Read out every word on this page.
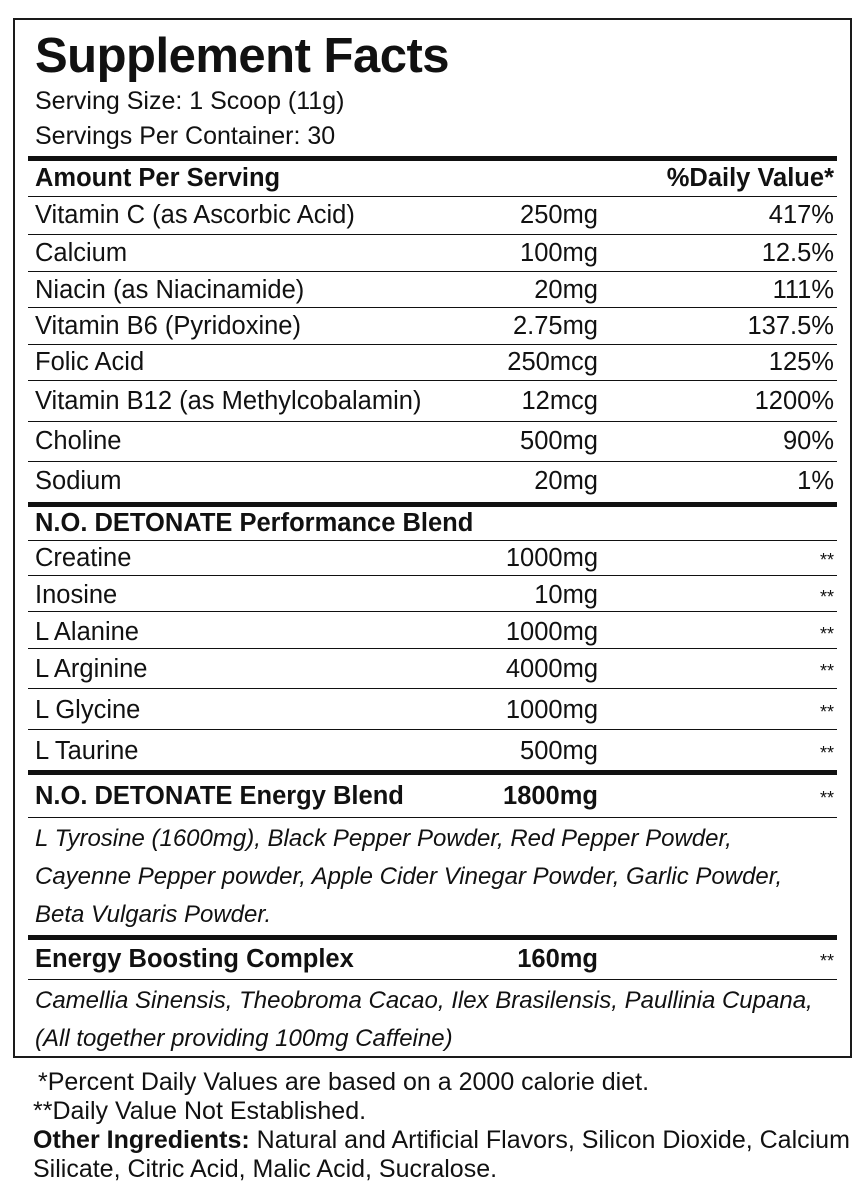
Supplement Facts
Serving Size: 1 Scoop (11g)
Servings Per Container: 30
Amount Per Serving	%Daily Value*
Vitamin C (as Ascorbic Acid)	250mg	417%
Calcium	100mg	12.5%
Niacin (as Niacinamide)	20mg	111%
Vitamin B6 (Pyridoxine)	2.75mg	137.5%
Folic Acid	250mcg	125%
Vitamin B12 (as Methylcobalamin)	12mcg	1200%
Choline	500mg	90%
Sodium	20mg	1%
N.O. DETONATE Performance Blend
Creatine	1000mg	**
Inosine	10mg	**
L Alanine	1000mg	**
L Arginine	4000mg	**
L Glycine	1000mg	**
L Taurine	500mg	**
N.O. DETONATE Energy Blend	1800mg	**
L Tyrosine (1600mg), Black Pepper Powder, Red Pepper Powder,
Cayenne Pepper powder, Apple Cider Vinegar Powder, Garlic Powder,
Beta Vulgaris Powder.
Energy Boosting Complex	160mg	**
Camellia Sinensis, Theobroma Cacao, Ilex Brasilensis, Paullinia Cupana,
(All together providing 100mg Caffeine)
*Percent Daily Values are based on a 2000 calorie diet.
**Daily Value Not Established.
Other Ingredients: Natural and Artificial Flavors, Silicon Dioxide, Calcium Silicate, Citric Acid, Malic Acid, Sucralose.
